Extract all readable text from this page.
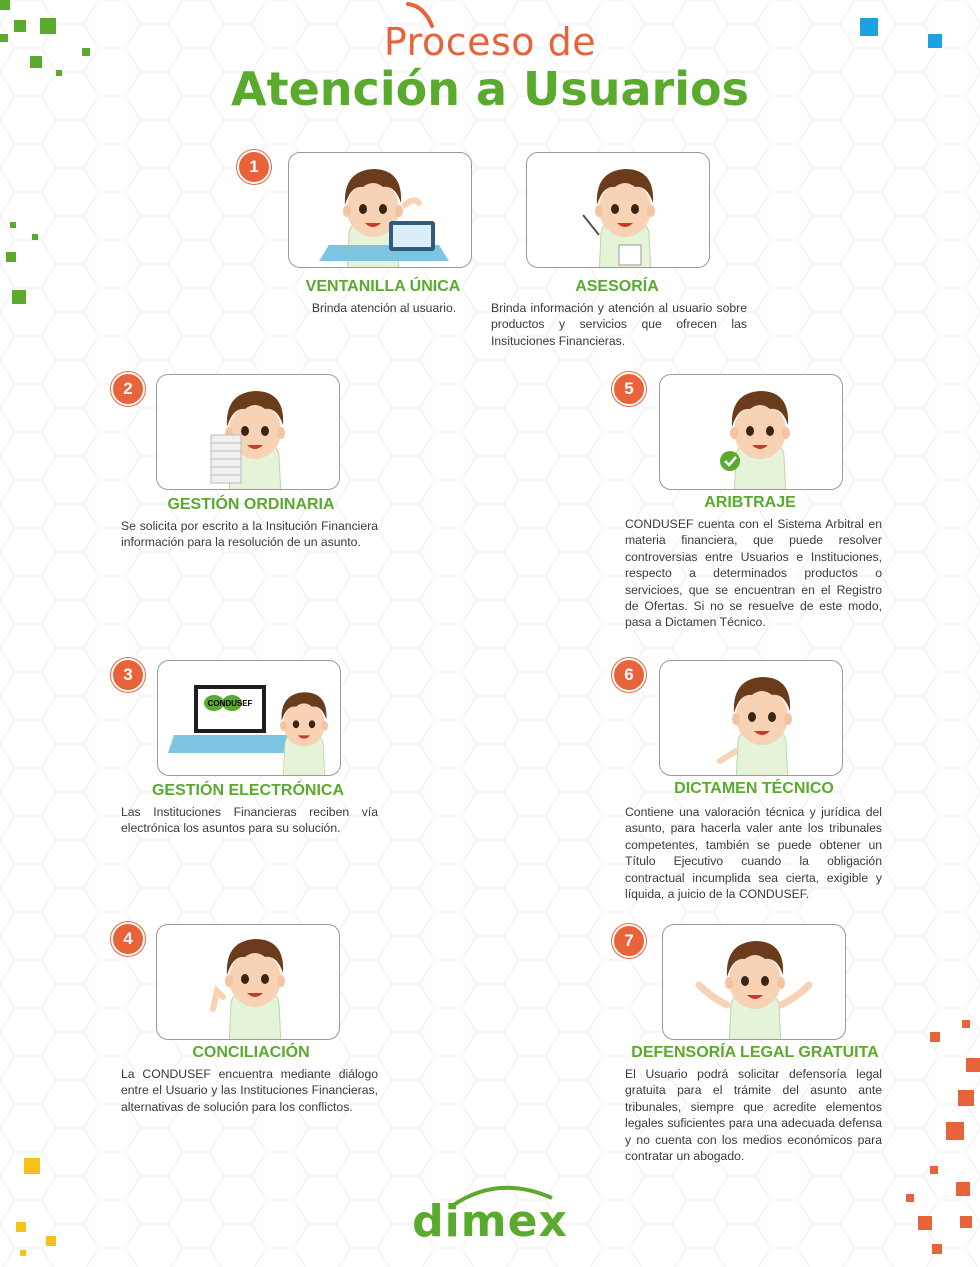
Proceso de
Atención a Usuarios
1
VENTANILLA ÚNICA
Brinda atención al usuario.
ASESORÍA
Brinda información y atención al usuario sobre productos y servicios que ofrecen las Insituciones Financieras.
2
GESTIÓN ORDINARIA
Se solicita por escrito a la Insitución Financiera información para la resolución de un asunto.
5
ARIBTRAJE
CONDUSEF cuenta con el Sistema Arbitral en materia financiera, que puede resolver controversias entre Usuarios e Instituciones, respecto a determinados productos o servicioes, que se encuentran en el Registro de Ofertas. Si no se resuelve de este modo, pasa a Dictamen Técnico.
3
CONDUSEF
GESTIÓN ELECTRÓNICA
Las Instituciones Financieras reciben vía electrónica los asuntos para su solución.
6
DICTAMEN TÉCNICO
Contiene una valoración técnica y jurídica del asunto, para hacerla valer ante los tribunales competentes, también se puede obtener un Título Ejecutivo cuando la obligación contractual incumplida sea cierta, exigible y líquida, a juicio de la CONDUSEF.
4
CONCILIACIÓN
La CONDUSEF encuentra mediante diálogo entre el Usuario y las Instituciones Financieras, alternativas de solución para los conflictos.
7
DEFENSORÍA LEGAL GRATUITA
El Usuario podrá solicitar defensoría legal gratuita para el trámite del asunto ante tribunales, siempre que acredite elementos legales suficientes para una adecuada defensa y no cuenta con los medios económicos para contratar un abogado.
dimex
